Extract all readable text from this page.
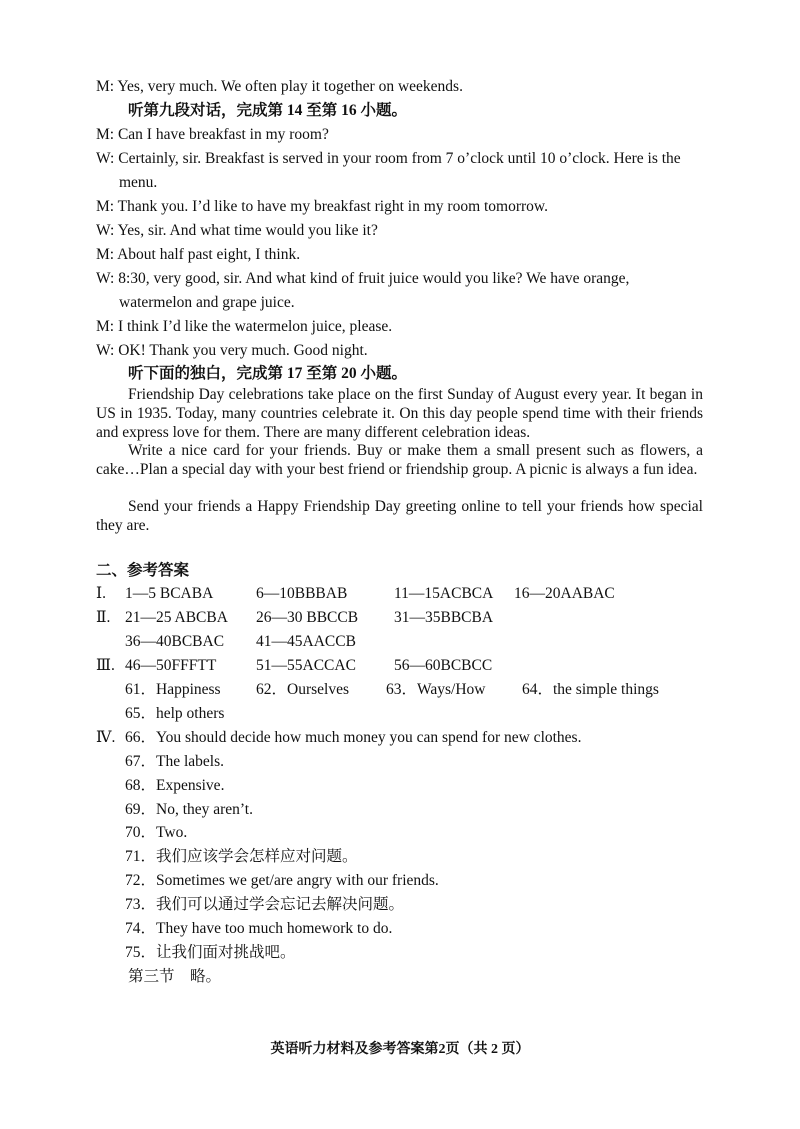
M: Yes, very much. We often play it together on weekends.
听第九段对话，完成第 14 至第 16 小题。
M: Can I have breakfast in my room?
W: Certainly, sir. Breakfast is served in your room from 7 o’clock until 10 o’clock. Here is the
menu.
M: Thank you. I’d like to have my breakfast right in my room tomorrow.
W: Yes, sir. And what time would you like it?
M: About half past eight, I think.
W: 8:30, very good, sir. And what kind of fruit juice would you like? We have orange,
watermelon and grape juice.
M: I think I’d like the watermelon juice, please.
W: OK! Thank you very much. Good night.
听下面的独白，完成第 17 至第 20 小题。
Friendship Day celebrations take place on the first Sunday of August every year. It began in US in 1935. Today, many countries celebrate it. On this day people spend time with their friends and express love for them. There are many different celebration ideas.
Write a nice card for your friends. Buy or make them a small present such as flowers, a cake…Plan a special day with your best friend or friendship group. A picnic is always a fun idea.
Send your friends a Happy Friendship Day greeting online to tell your friends how special they are.
二、参考答案
Ⅰ. 1—5 BCABA	6—10BBBAB	11—15ACBCA 16—20AABAC
Ⅱ. 21—25 ABCBA 26—30 BBCCB 31—35BBCBA
36—40BCBAC 41—45AACCB
Ⅲ. 46—50FFFTT	51—55ACCAC 56—60BCBCC
61．Happiness 62．Ourselves 63．Ways/How 64．the simple things
65．help others
Ⅳ. 66．You should decide how much money you can spend for new clothes.
67．The labels.
68．Expensive.
69．No, they aren’t.
70．Two.
71．我们应该学会怎样应对问题。
72．Sometimes we get/are angry with our friends.
73．我们可以通过学会忘记去解决问题。
74．They have too much homework to do.
75．让我们面对挑战吧。
第三节　略。
英语听力材料及参考答案第2页（共 2 页）
